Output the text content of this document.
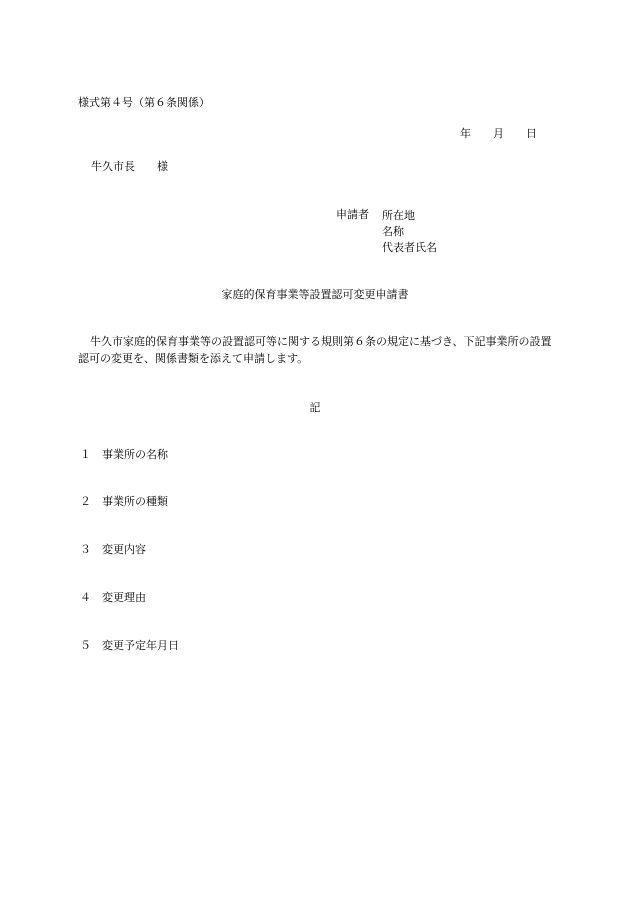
様式第４号（第６条関係）
年 月 日
牛久市長 様
申請者 所在地
名称
代表者氏名
家庭的保育事業等設置認可変更申請書
牛久市家庭的保育事業等の設置認可等に関する規則第６条の規定に基づき、下記事業所の設置認可の変更を、関係書類を添えて申請します。
記
１ 事業所の名称
２ 事業所の種類
３ 変更内容
４ 変更理由
５ 変更予定年月日
